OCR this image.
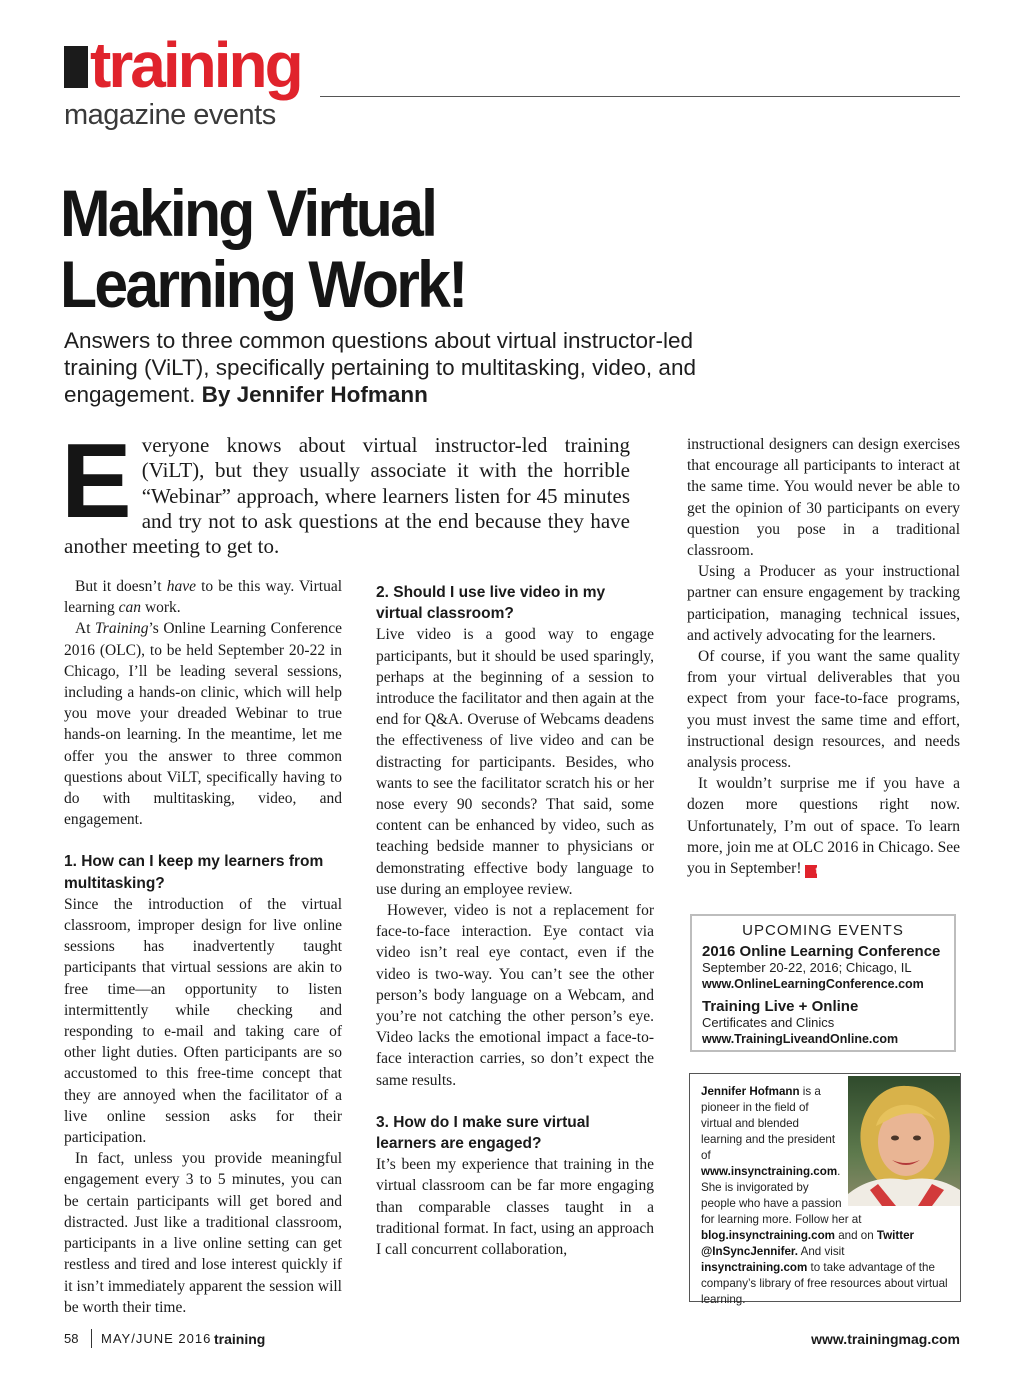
training
magazine events
Making Virtual
Learning Work!
Answers to three common questions about virtual instructor-led training (ViLT), specifically pertaining to multitasking, video, and engagement. By Jennifer Hofmann
E veryone knows about virtual instructor-led training (ViLT), but they usually associate it with the horrible “Webinar” approach, where learners listen for 45 minutes and try not to ask questions at the end because they have another meeting to get to.

But it doesn’t have to be this way. Virtual learning can work.

At Training’s Online Learning Conference 2016 (OLC), to be held September 20-22 in Chicago, I’ll be leading several sessions, including a hands-on clinic, which will help you move your dreaded Webinar to true hands-on learning. In the meantime, let me offer you the answer to three common questions about ViLT, specifically having to do with multitasking, video, and engagement.

1. How can I keep my learners from multitasking?

Since the introduction of the virtual classroom, improper design for live online sessions has inadvertently taught participants that virtual sessions are akin to free time—an opportunity to listen intermittently while checking and responding to e-mail and taking care of other light duties. Often participants are so accustomed to this free-time concept that they are annoyed when the facilitator of a live online session asks for their participation.

In fact, unless you provide meaningful engagement every 3 to 5 minutes, you can be certain participants will get bored and distracted. Just like a traditional classroom, participants in a live online setting can get restless and tired and lose interest quickly if it isn’t immediately apparent the session will be worth their time.

2. Should I use live video in my virtual classroom?

Live video is a good way to engage participants, but it should be used sparingly, perhaps at the beginning of a session to introduce the facilitator and then again at the end for Q&A. Overuse of Webcams deadens the effectiveness of live video and can be distracting for participants. Besides, who wants to see the facilitator scratch his or her nose every 90 seconds? That said, some content can be enhanced by video, such as teaching bedside manner to physicians or demonstrating effective body language to use during an employee review.

However, video is not a replacement for face-to-face interaction. Eye contact via video isn’t real eye contact, even if the video is two-way. You can’t see the other person’s body language on a Webcam, and you’re not catching the other person’s eye. Video lacks the emotional impact a face-to-face interaction carries, so don’t expect the same results.

3. How do I make sure virtual learners are engaged?

It’s been my experience that training in the virtual classroom can be far more engaging than comparable classes taught in a traditional format. In fact, using an approach I call concurrent collaboration,

instructional designers can design exercises that encourage all participants to interact at the same time. You would never be able to get the opinion of 30 participants on every question you pose in a traditional classroom.

Using a Producer as your instructional partner can ensure engagement by tracking participation, managing technical issues, and actively advocating for the learners.

Of course, if you want the same quality from your virtual deliverables that you expect from your face-to-face programs, you must invest the same time and effort, instructional design resources, and needs analysis process.

It wouldn’t surprise me if you have a dozen more questions right now. Unfortunately, I’m out of space. To learn more, join me at OLC 2016 in Chicago. See you in September! t

UPCOMING EVENTS
2016 Online Learning Conference
September 20-22, 2016; Chicago, IL
www.OnlineLearningConference.com
Training Live + Online
Certificates and Clinics
www.TrainingLiveandOnline.com
Jennifer Hofmann is a pioneer in the field of virtual and blended learning and the president of www.insynctraining.com. She is invigorated by people who have a passion for learning more. Follow her at blog.insynctraining.com and on Twitter @InSyncJennifer. And visit insynctraining.com to take advantage of the company’s library of free resources about virtual learning.
58 MAY/JUNE 2016 training	www.trainingmag.com
